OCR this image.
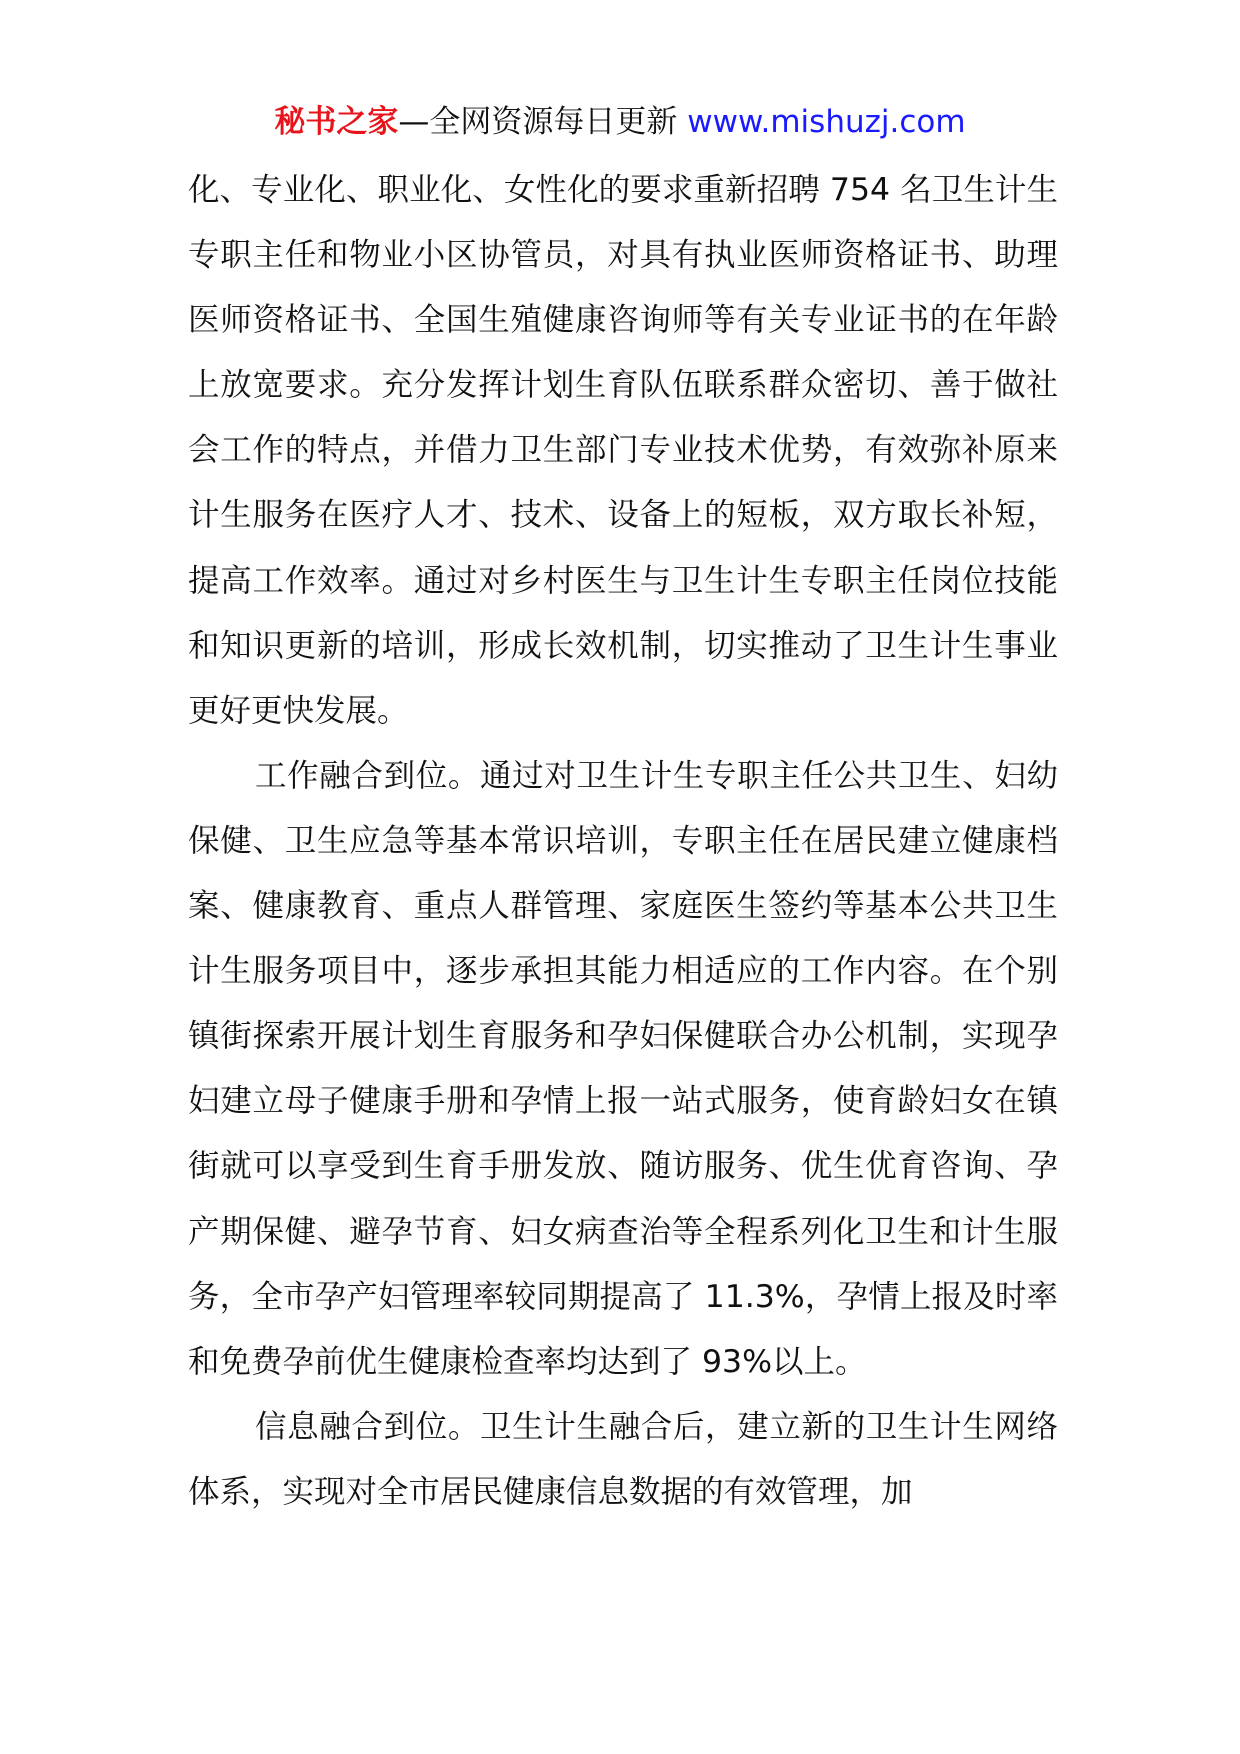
秘书之家—全网资源每日更新 www.mishuzj.com

化、专业化、职业化、女性化的要求重新招聘 754 名卫生计生专职主任和物业小区协管员，对具有执业医师资格证书、助理医师资格证书、全国生殖健康咨询师等有关专业证书的在年龄上放宽要求。充分发挥计划生育队伍联系群众密切、善于做社会工作的特点，并借力卫生部门专业技术优势，有效弥补原来计生服务在医疗人才、技术、设备上的短板，双方取长补短，提高工作效率。通过对乡村医生与卫生计生专职主任岗位技能和知识更新的培训，形成长效机制，切实推动了卫生计生事业更好更快发展。

工作融合到位。通过对卫生计生专职主任公共卫生、妇幼保健、卫生应急等基本常识培训，专职主任在居民建立健康档案、健康教育、重点人群管理、家庭医生签约等基本公共卫生计生服务项目中，逐步承担其能力相适应的工作内容。在个别镇街探索开展计划生育服务和孕妇保健联合办公机制，实现孕妇建立母子健康手册和孕情上报一站式服务，使育龄妇女在镇街就可以享受到生育手册发放、随访服务、优生优育咨询、孕产期保健、避孕节育、妇女病查治等全程系列化卫生和计生服务，全市孕产妇管理率较同期提高了 11.3%，孕情上报及时率和免费孕前优生健康检查率均达到了 93%以上。

信息融合到位。卫生计生融合后，建立新的卫生计生网络体系，实现对全市居民健康信息数据的有效管理，加
